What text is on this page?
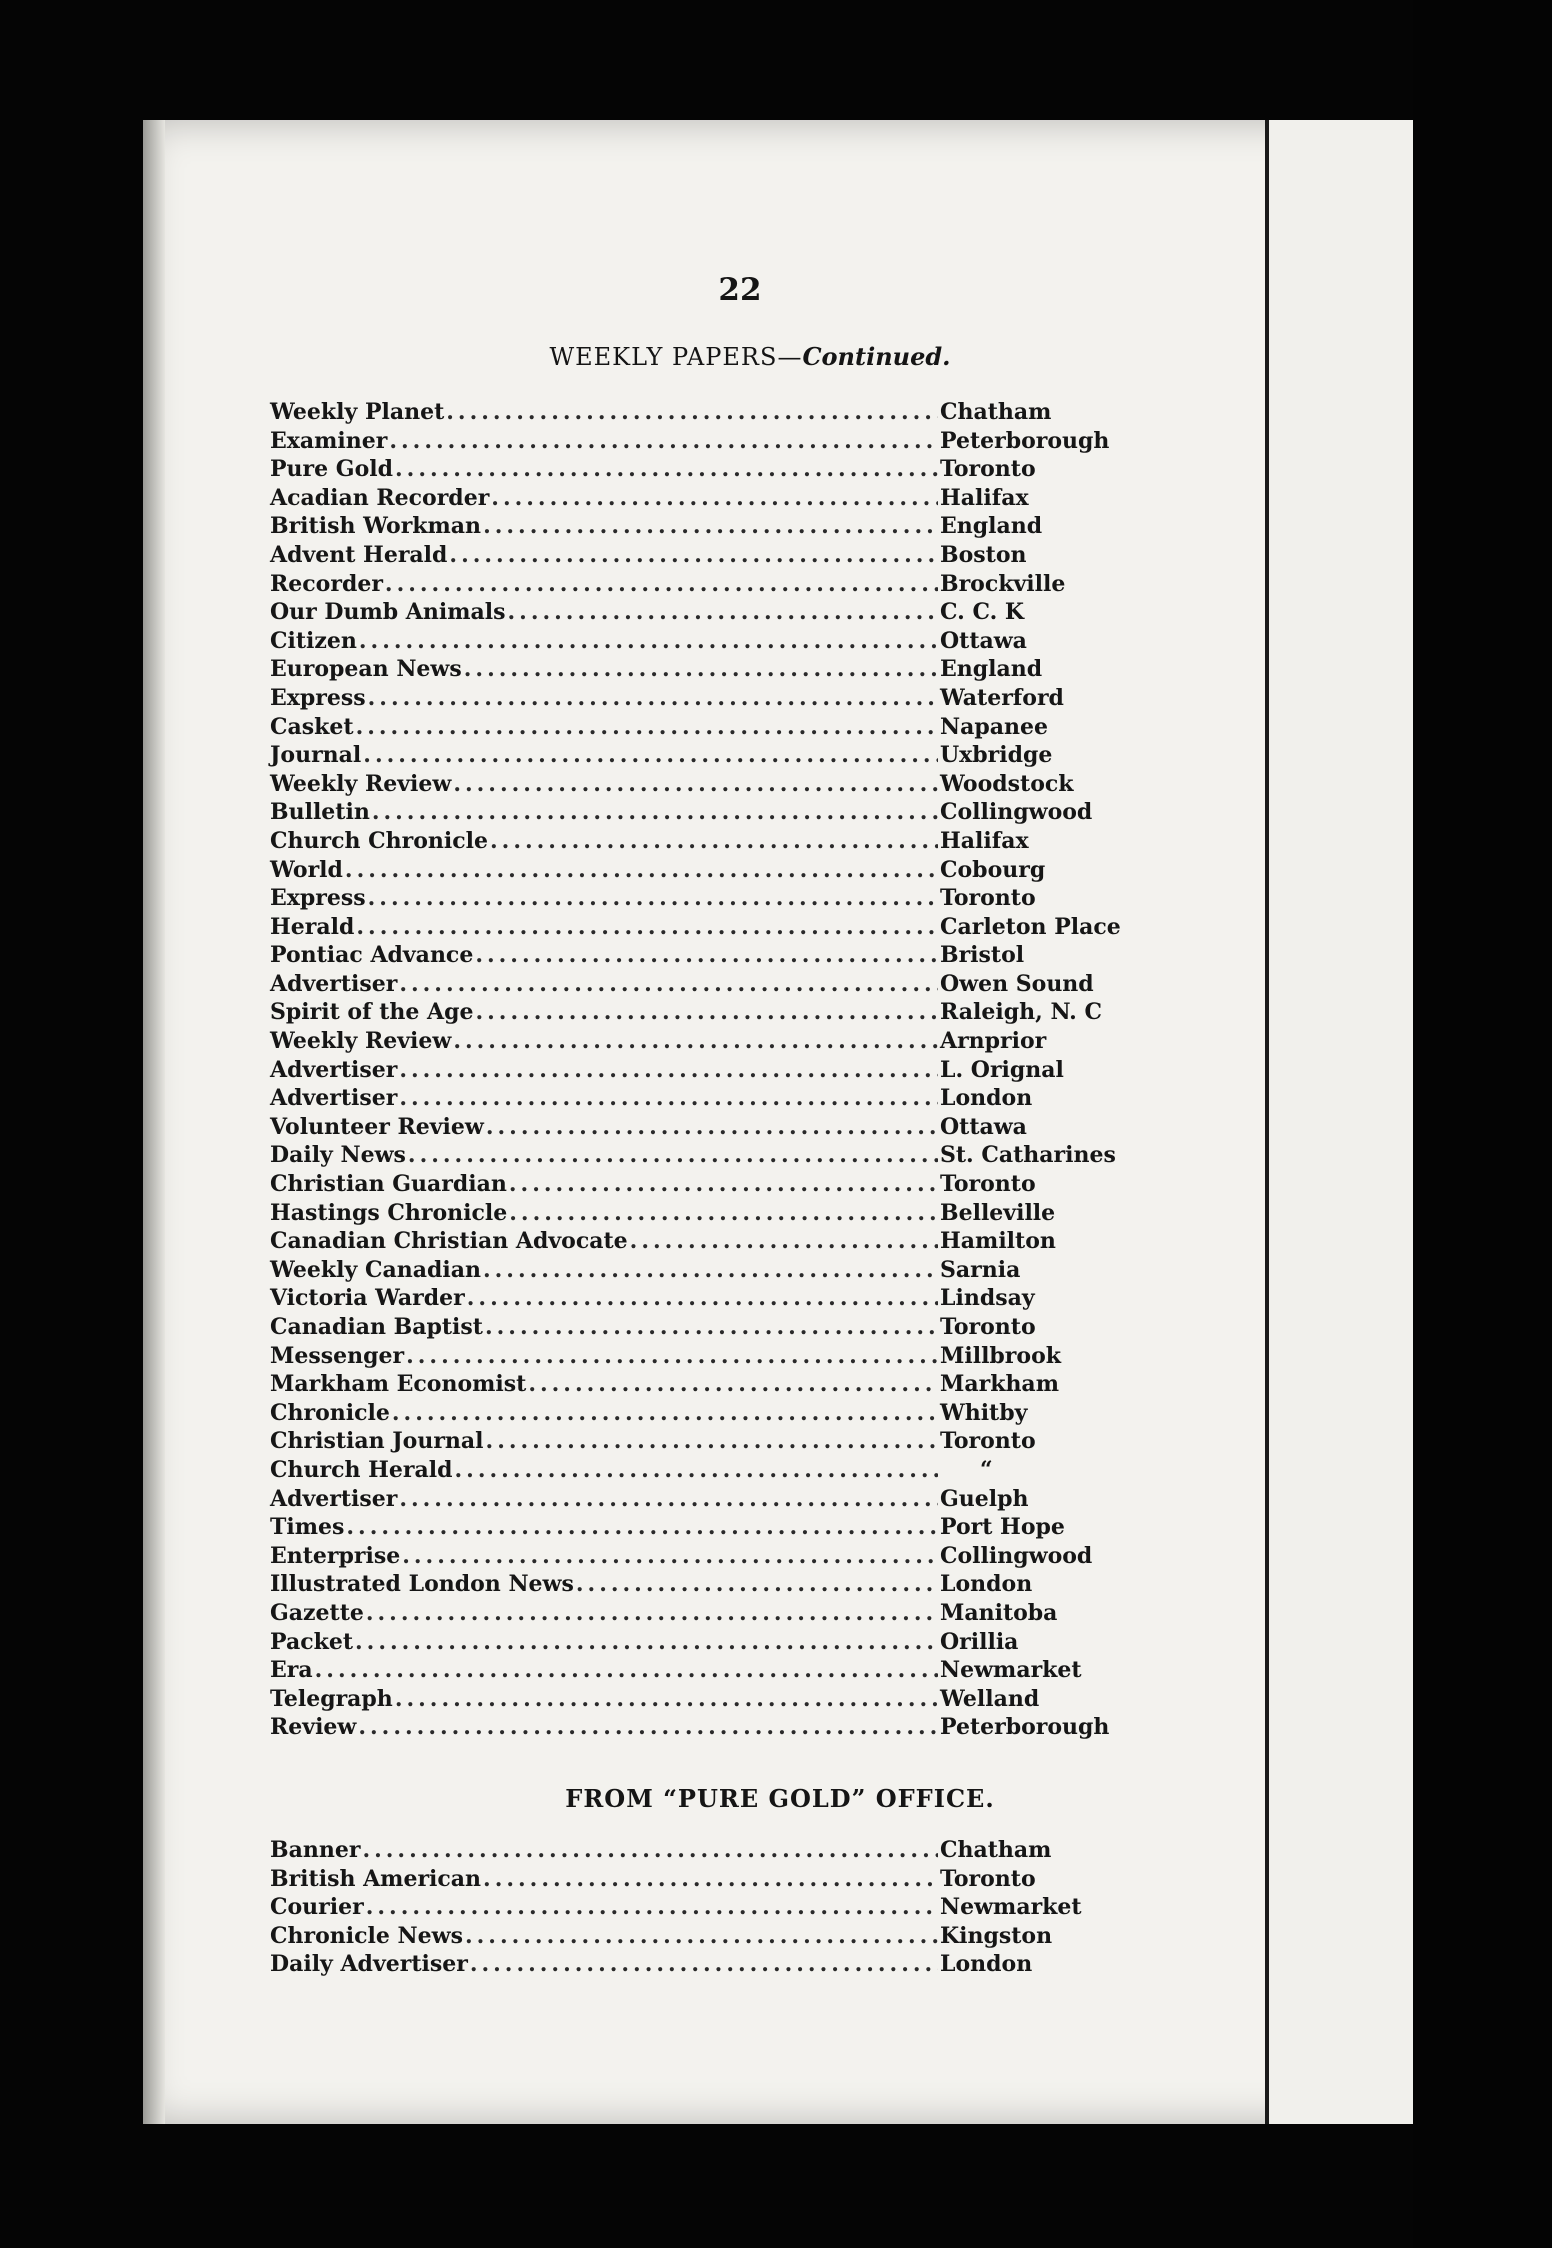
22
WEEKLY PAPERS—Continued.
Weekly Planet .....	Chatham
Examiner .....	Peterborough
Pure Gold .....	Toronto
Acadian Recorder .....	Halifax
British Workman .....	England
Advent Herald .....	Boston
Recorder .....	Brockville
Our Dumb Animals .....	C. C. K
Citizen .....	Ottawa
European News .....	England
Express .....	Waterford
Casket .....	Napanee
Journal .....	Uxbridge
Weekly Review .....	Woodstock
Bulletin .....	Collingwood
Church Chronicle .....	Halifax
World .....	Cobourg
Express .....	Toronto
Herald .....	Carleton Place
Pontiac Advance .....	Bristol
Advertiser .....	Owen Sound
Spirit of the Age .....	Raleigh, N. C
Weekly Review .....	Arnprior
Advertiser .....	L. Orignal
Advertiser .....	London
Volunteer Review .....	Ottawa
Daily News .....	St. Catharines
Christian Guardian .....	Toronto
Hastings Chronicle .....	Belleville
Canadian Christian Advocate .....	Hamilton
Weekly Canadian .....	Sarnia
Victoria Warder .....	Lindsay
Canadian Baptist .....	Toronto
Messenger .....	Millbrook
Markham Economist .....	Markham
Chronicle .....	Whitby
Christian Journal .....	Toronto
Church Herald .....	“
Advertiser .....	Guelph
Times .....	Port Hope
Enterprise .....	Collingwood
Illustrated London News .....	London
Gazette .....	Manitoba
Packet .....	Orillia
Era .....	Newmarket
Telegraph .....	Welland
Review .....	Peterborough
FROM “PURE GOLD” OFFICE.
Banner .....	Chatham
British American .....	Toronto
Courier .....	Newmarket
Chronicle News .....	Kingston
Daily Advertiser .....	London
